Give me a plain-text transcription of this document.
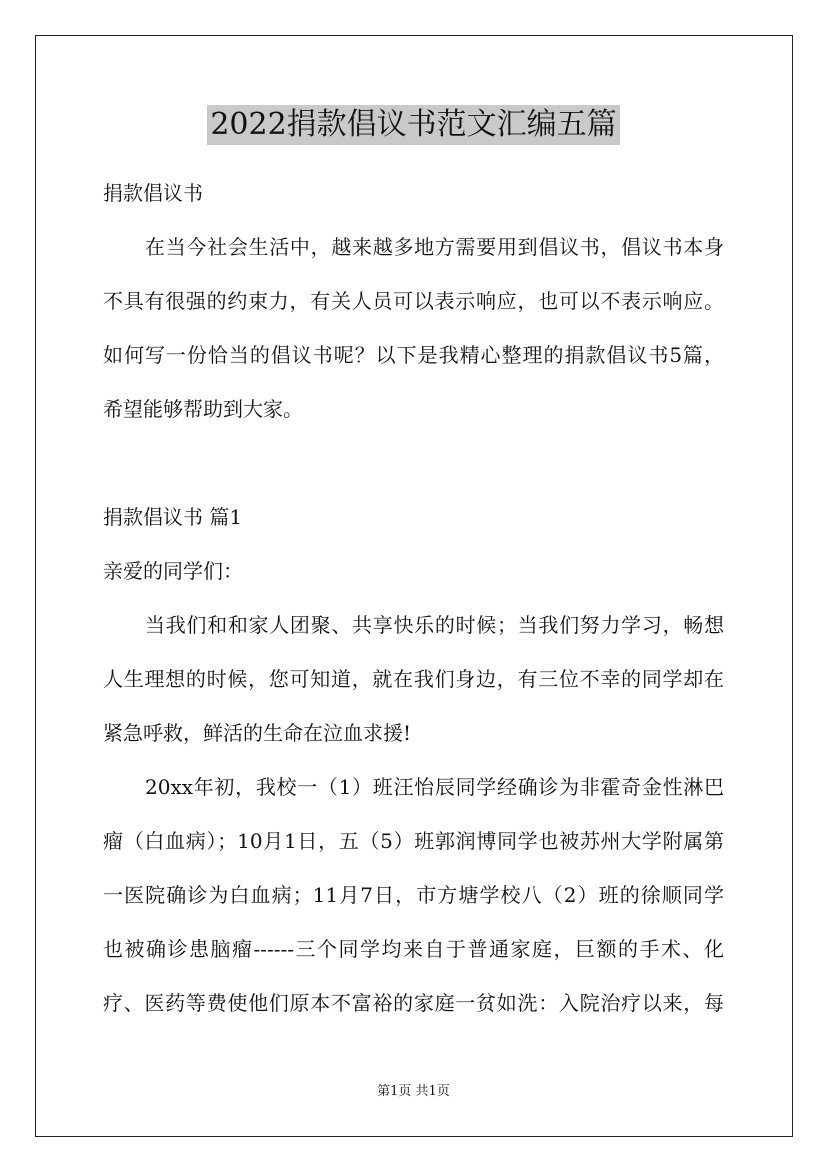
2022捐款倡议书范文汇编五篇
捐款倡议书
在当今社会生活中，越来越多地方需要用到倡议书，倡议书本身
不具有很强的约束力，有关人员可以表示响应，也可以不表示响应。
如何写一份恰当的倡议书呢？以下是我精心整理的捐款倡议书5篇，
希望能够帮助到大家。
捐款倡议书 篇1
亲爱的同学们：
当我们和和家人团聚、共享快乐的时候；当我们努力学习，畅想
人生理想的时候，您可知道，就在我们身边，有三位不幸的同学却在
紧急呼救，鲜活的生命在泣血求援!
20xx年初，我校一（1）班汪怡辰同学经确诊为非霍奇金性淋巴
瘤（白血病）；10月1日，五（5）班郭润博同学也被苏州大学附属第
一医院确诊为白血病；11月7日，市方塘学校八（2）班的徐顺同学
也被确诊患脑瘤------三个同学均来自于普通家庭，巨额的手术、化
疗、医药等费使他们原本不富裕的家庭一贫如洗：入院治疗以来，每
第1页 共1页
